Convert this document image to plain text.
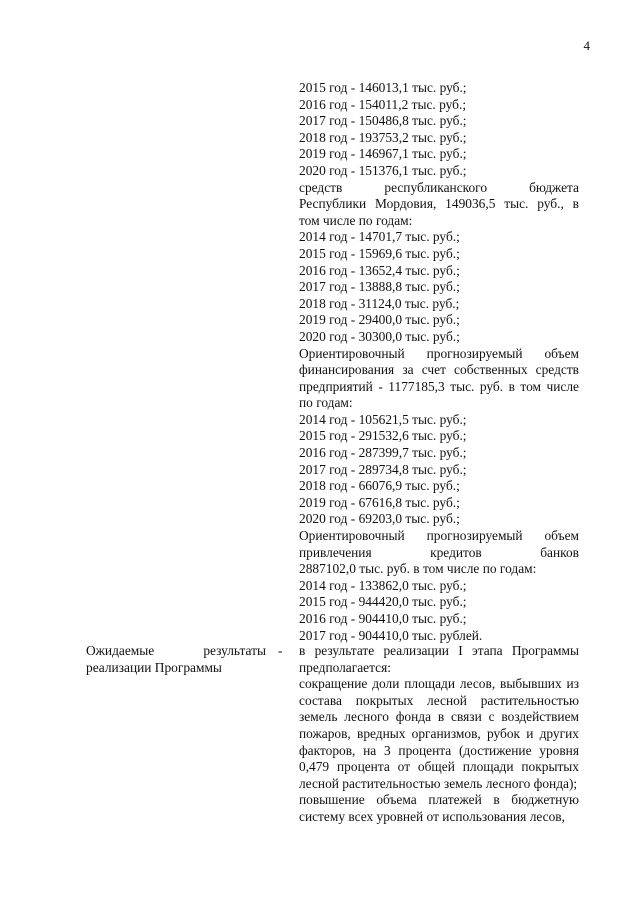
4
2015 год - 146013,1 тыс. руб.;
2016 год - 154011,2 тыс. руб.;
2017 год - 150486,8 тыс. руб.;
2018 год - 193753,2 тыс. руб.;
2019 год - 146967,1 тыс. руб.;
2020 год - 151376,1 тыс. руб.;
средств республиканского бюджета
Республики Мордовия, 149036,5 тыс. руб., в
том числе по годам:
2014 год - 14701,7 тыс. руб.;
2015 год - 15969,6 тыс. руб.;
2016 год - 13652,4 тыс. руб.;
2017 год - 13888,8 тыс. руб.;
2018 год - 31124,0 тыс. руб.;
2019 год - 29400,0 тыс. руб.;
2020 год - 30300,0 тыс. руб.;
Ориентировочный прогнозируемый объем
финансирования за счет собственных средств
предприятий - 1177185,3 тыс. руб. в том числе
по годам:
2014 год - 105621,5 тыс. руб.;
2015 год - 291532,6 тыс. руб.;
2016 год - 287399,7 тыс. руб.;
2017 год - 289734,8 тыс. руб.;
2018 год - 66076,9 тыс. руб.;
2019 год - 67616,8 тыс. руб.;
2020 год - 69203,0 тыс. руб.;
Ориентировочный прогнозируемый объем
привлечения кредитов банков
2887102,0 тыс. руб. в том числе по годам:
2014 год - 133862,0 тыс. руб.;
2015 год - 944420,0 тыс. руб.;
2016 год - 904410,0 тыс. руб.;
2017 год - 904410,0 тыс. рублей.
Ожидаемые результаты
реализации Программы
- в результате реализации I этапа Программы предполагается:
сокращение доли площади лесов, выбывших из состава покрытых лесной растительностью земель лесного фонда в связи с воздействием пожаров, вредных организмов, рубок и других факторов, на 3 процента (достижение уровня 0,479 процента от общей площади покрытых лесной растительностью земель лесного фонда);
повышение объема платежей в бюджетную систему всех уровней от использования лесов,
